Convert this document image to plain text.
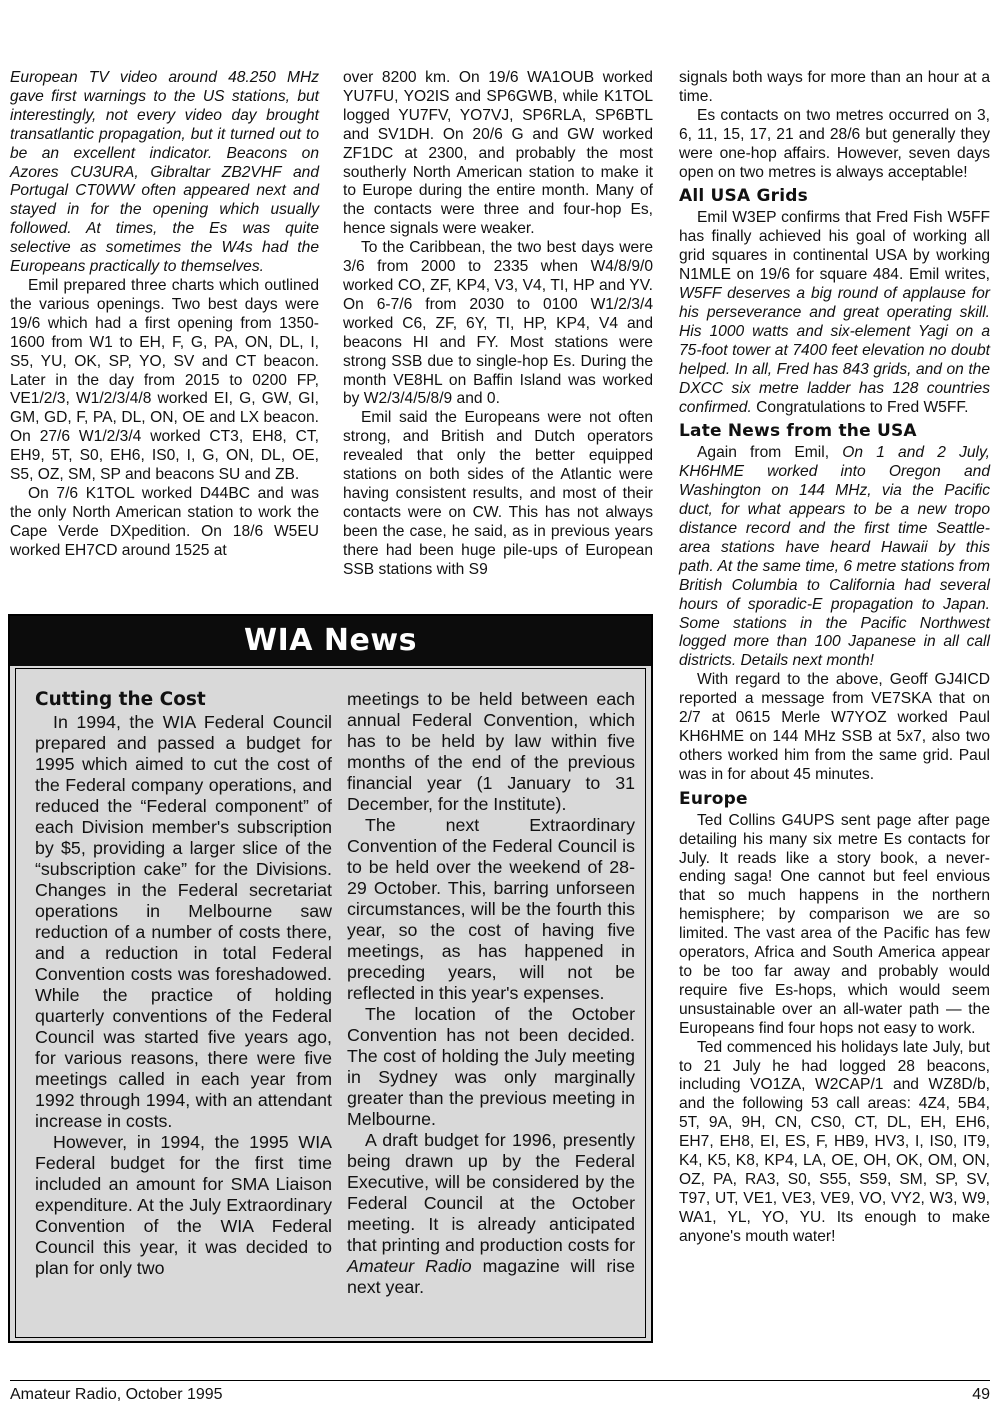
European TV video around 48.250 MHz gave first warnings to the US stations, but interestingly, not every video day brought transatlantic propagation, but it turned out to be an excellent indicator. Beacons on Azores CU3URA, Gibraltar ZB2VHF and Portugal CT0WW often appeared next and stayed in for the opening which usually followed. At times, the Es was quite selective as sometimes the W4s had the Europeans practically to themselves.

Emil prepared three charts which outlined the various openings. Two best days were 19/6 which had a first opening from 1350-1600 from W1 to EH, F, G, PA, ON, DL, I, S5, YU, OK, SP, YO, SV and CT beacon. Later in the day from 2015 to 0200 FP, VE1/2/3, W1/2/3/4/8 worked EI, G, GW, GI, GM, GD, F, PA, DL, ON, OE and LX beacon. On 27/6 W1/2/3/4 worked CT3, EH8, CT, EH9, 5T, S0, EH6, IS0, I, G, ON, DL, OE, S5, OZ, SM, SP and beacons SU and ZB.

On 7/6 K1TOL worked D44BC and was the only North American station to work the Cape Verde DXpedition. On 18/6 W5EU worked EH7CD around 1525 at

over 8200 km. On 19/6 WA1OUB worked YU7FU, YO2IS and SP6GWB, while K1TOL logged YU7FV, YO7VJ, SP6RLA, SP6BTL and SV1DH. On 20/6 G and GW worked ZF1DC at 2300, and probably the most southerly North American station to make it to Europe during the entire month. Many of the contacts were three and four-hop Es, hence signals were weaker.

To the Caribbean, the two best days were 3/6 from 2000 to 2335 when W4/8/9/0 worked CO, ZF, KP4, V3, V4, TI, HP and YV. On 6-7/6 from 2030 to 0100 W1/2/3/4 worked C6, ZF, 6Y, TI, HP, KP4, V4 and beacons HI and FY. Most stations were strong SSB due to single-hop Es. During the month VE8HL on Baffin Island was worked by W2/3/4/5/8/9 and 0.

Emil said the Europeans were not often strong, and British and Dutch operators revealed that only the better equipped stations on both sides of the Atlantic were having consistent results, and most of their contacts were on CW. This has not always been the case, he said, as in previous years there had been huge pile-ups of European SSB stations with S9

signals both ways for more than an hour at a time.

Es contacts on two metres occurred on 3, 6, 11, 15, 17, 21 and 28/6 but generally they were one-hop affairs. However, seven days open on two metres is always acceptable!

All USA Grids

Emil W3EP confirms that Fred Fish W5FF has finally achieved his goal of working all grid squares in continental USA by working N1MLE on 19/6 for square 484. Emil writes, W5FF deserves a big round of applause for his perseverance and great operating skill. His 1000 watts and six-element Yagi on a 75-foot tower at 7400 feet elevation no doubt helped. In all, Fred has 843 grids, and on the DXCC six metre ladder has 128 countries confirmed. Congratulations to Fred W5FF.

Late News from the USA

Again from Emil, On 1 and 2 July, KH6HME worked into Oregon and Washington on 144 MHz, via the Pacific duct, for what appears to be a new tropo distance record and the first time Seattle-area stations have heard Hawaii by this path. At the same time, 6 metre stations from British Columbia to California had several hours of sporadic-E propagation to Japan. Some stations in the Pacific Northwest logged more than 100 Japanese in all call districts. Details next month!

With regard to the above, Geoff GJ4ICD reported a message from VE7SKA that on 2/7 at 0615 Merle W7YOZ worked Paul KH6HME on 144 MHz SSB at 5x7, also two others worked him from the same grid. Paul was in for about 45 minutes.

Europe

Ted Collins G4UPS sent page after page detailing his many six metre Es contacts for July. It reads like a story book, a never-ending saga! One cannot but feel envious that so much happens in the northern hemisphere; by comparison we are so limited. The vast area of the Pacific has few operators, Africa and South America appear to be too far away and probably would require five Es-hops, which would seem unsustainable over an all-water path — the Europeans find four hops not easy to work.

Ted commenced his holidays late July, but to 21 July he had logged 28 beacons, including VO1ZA, W2CAP/1 and WZ8D/b, and the following 53 call areas: 4Z4, 5B4, 5T, 9A, 9H, CN, CS0, CT, DL, EH, EH6, EH7, EH8, EI, ES, F, HB9, HV3, I, IS0, IT9, K4, K5, K8, KP4, LA, OE, OH, OK, OM, ON, OZ, PA, RA3, S0, S55, S59, SM, SP, SV, T97, UT, VE1, VE3, VE9, VO, VY2, W3, W9, WA1, YL, YO, YU. Its enough to make anyone's mouth water!

WIA News
Cutting the Cost

In 1994, the WIA Federal Council prepared and passed a budget for 1995 which aimed to cut the cost of the Federal company operations, and reduced the “Federal component” of each Division member's subscription by $5, providing a larger slice of the “subscription cake” for the Divisions. Changes in the Federal secretariat operations in Melbourne saw reduction of a number of costs there, and a reduction in total Federal Convention costs was foreshadowed. While the practice of holding quarterly conventions of the Federal Council was started five years ago, for various reasons, there were five meetings called in each year from 1992 through 1994, with an attendant increase in costs.

However, in 1994, the 1995 WIA Federal budget for the first time included an amount for SMA Liaison expenditure. At the July Extraordinary Convention of the WIA Federal Council this year, it was decided to plan for only two

meetings to be held between each annual Federal Convention, which has to be held by law within five months of the end of the previous financial year (1 January to 31 December, for the Institute).

The next Extraordinary Convention of the Federal Council is to be held over the weekend of 28-29 October. This, barring unforseen circumstances, will be the fourth this year, so the cost of having five meetings, as has happened in preceding years, will not be reflected in this year's expenses.

The location of the October Convention has not been decided. The cost of holding the July meeting in Sydney was only marginally greater than the previous meeting in Melbourne.

A draft budget for 1996, presently being drawn up by the Federal Executive, will be considered by the Federal Council at the October meeting. It is already anticipated that printing and production costs for Amateur Radio magazine will rise next year.

Amateur Radio, October 1995	49
